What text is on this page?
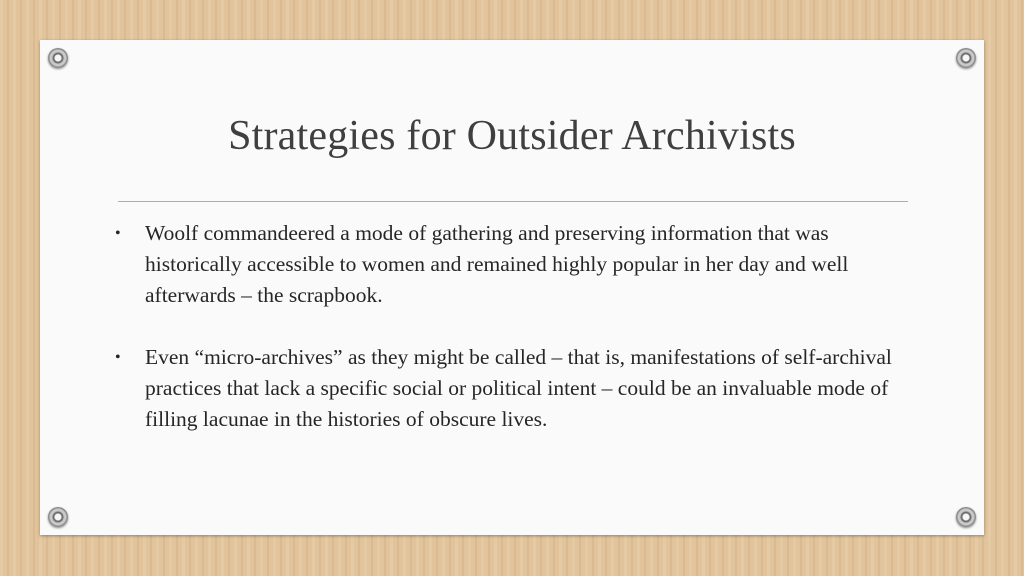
Strategies for Outsider Archivists
• Woolf commandeered a mode of gathering and preserving information that was historically accessible to women and remained highly popular in her day and well afterwards – the scrapbook.
• Even “micro-archives” as they might be called – that is, manifestations of self-archival practices that lack a specific social or political intent – could be an invaluable mode of filling lacunae in the histories of obscure lives.
